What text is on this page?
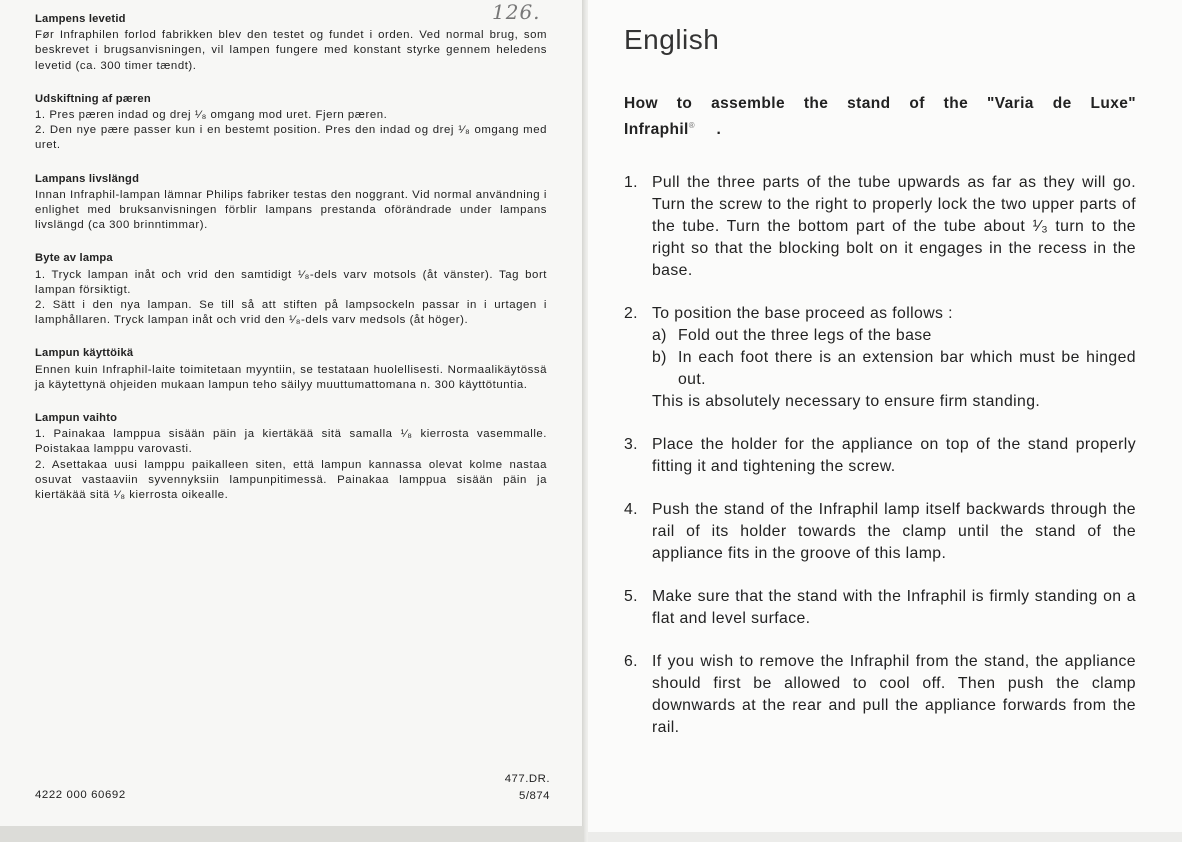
126.
Lampens levetid

Før Infraphilen forlod fabrikken blev den testet og fundet i orden. Ved normal brug, som beskrevet i brugsanvisningen, vil lampen fungere med konstant styrke gennem heledens levetid (ca. 300 timer tændt).

Udskiftning af pæren

1. Pres pæren indad og drej ¹⁄₈ omgang mod uret. Fjern pæren.
2. Den nye pære passer kun i en bestemt position. Pres den indad og drej ¹⁄₈ omgang med uret.

Lampans livslängd

Innan Infraphil-lampan lämnar Philips fabriker testas den noggrant. Vid normal användning i enlighet med bruksanvisningen förblir lampans prestanda oförändrade under lampans livslängd (ca 300 brinntimmar).

Byte av lampa

1. Tryck lampan inåt och vrid den samtidigt ¹⁄₈-dels varv motsols (åt vänster). Tag bort lampan försiktigt.
2. Sätt i den nya lampan. Se till så att stiften på lampsockeln passar in i urtagen i lamphållaren. Tryck lampan inåt och vrid den ¹⁄₈-dels varv medsols (åt höger).

Lampun käyttöikä

Ennen kuin Infraphil-laite toimitetaan myyntiin, se testataan huolellisesti. Normaalikäytössä ja käytettynä ohjeiden mukaan lampun teho säilyy muuttumattomana n. 300 käyttötuntia.

Lampun vaihto

1. Painakaa lamppua sisään päin ja kiertäkää sitä samalla ¹⁄₈ kierrosta vasemmalle. Poistakaa lamppu varovasti.
2. Asettakaa uusi lamppu paikalleen siten, että lampun kannassa olevat kolme nastaa osuvat vastaaviin syvennyksiin lampunpitimessä. Painakaa lamppua sisään päin ja kiertäkää sitä ¹⁄₈ kierrosta oikealle.

4222 000 60692
477.DR.
5/874
English
How to assemble the stand of the "Varia de Luxe" Infraphil® .
1. Pull the three parts of the tube upwards as far as they will go. Turn the screw to the right to properly lock the two upper parts of the tube. Turn the bottom part of the tube about ¹⁄₃ turn to the right so that the blocking bolt on it engages in the recess in the base.

2. To position the base proceed as follows :

a) Fold out the three legs of the base

b) In each foot there is an extension bar which must be hinged out.

This is absolutely necessary to ensure firm standing.

3. Place the holder for the appliance on top of the stand properly fitting it and tightening the screw.

4. Push the stand of the Infraphil lamp itself backwards through the rail of its holder towards the clamp until the stand of the appliance fits in the groove of this lamp.

5. Make sure that the stand with the Infraphil is firmly standing on a flat and level surface.

6. If you wish to remove the Infraphil from the stand, the appliance should first be allowed to cool off. Then push the clamp downwards at the rear and pull the appliance forwards from the rail.
